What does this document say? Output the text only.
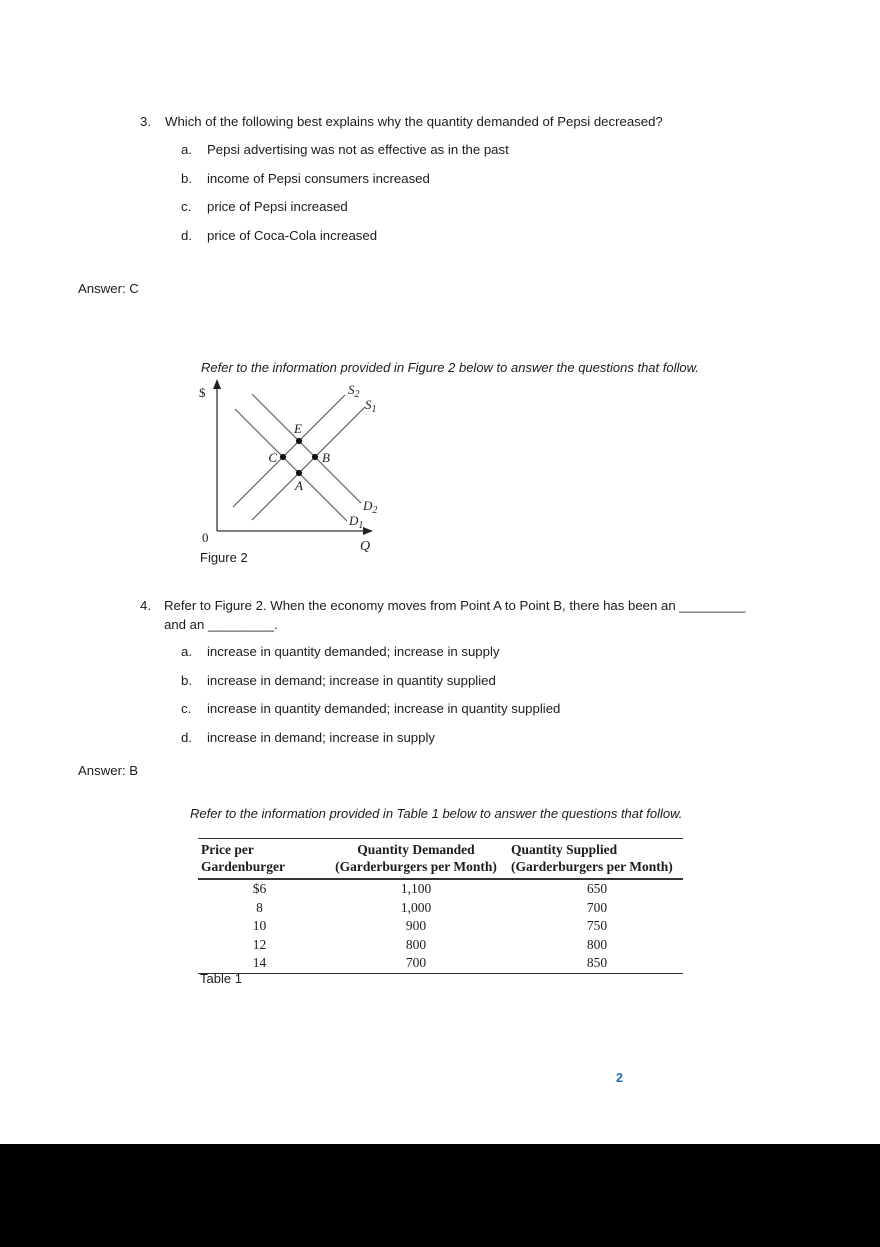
3.	Which of the following best explains why the quantity demanded of Pepsi decreased?
a.	Pepsi advertising was not as effective as in the past
b.	income of Pepsi consumers increased
c.	price of Pepsi increased
d.	price of Coca-Cola increased
Answer: C
Refer to the information provided in Figure 2 below to answer the questions that follow.
$
0
Q
E
C	B
A
$S_2$
$S_1$
$D_2$
$D_1$
Figure 2
4. Refer to Figure 2. When the economy moves from Point A to Point B, there has been an _________
and an _________.
a.	increase in quantity demanded; increase in supply
b.	increase in demand; increase in quantity supplied
c.	increase in quantity demanded; increase in quantity supplied
d.	increase in demand; increase in supply
Answer: B
Refer to the information provided in Table 1 below to answer the questions that follow.
Price per
Gardenburger

Quantity Demanded
(Garderburgers per Month)

Quantity Supplied
(Garderburgers per Month)

$6	1,100	650
8	1,000	700
10	900	750
12	800	800
14	700	850
Table 1
2
